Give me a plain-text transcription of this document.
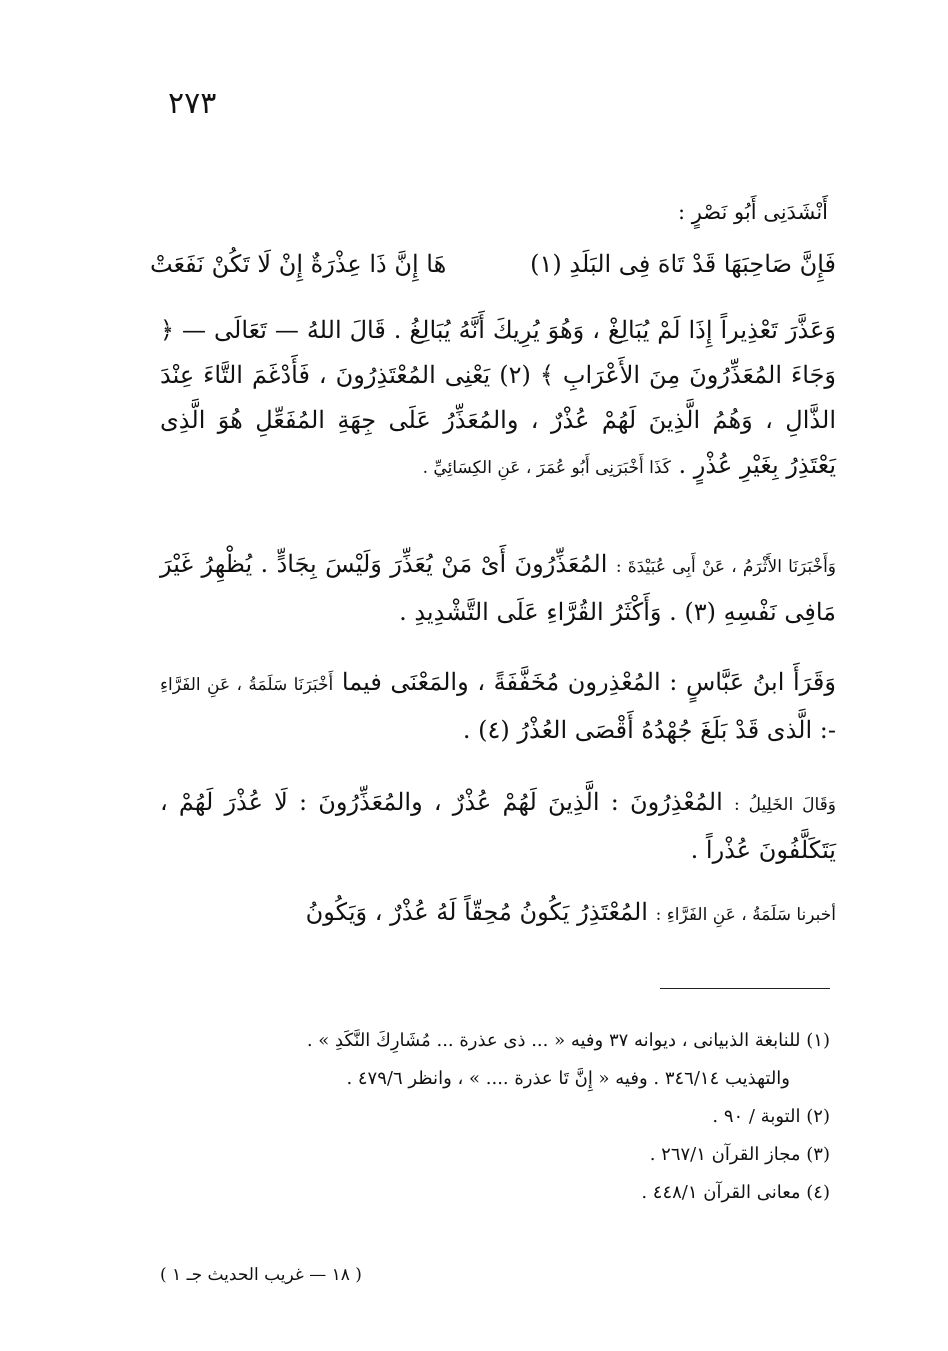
٢٧٣
أَنْشَدَنِى أَبُو نَصْرٍ :
هَا إِنَّ ذَا عِذْرَةٌ إِنْ لَا تَكُنْ نَفَعَتْ	فَإِنَّ صَاحِبَهَا قَدْ تَاهَ فِى البَلَدِ (١)

وَعَذَّرَ تَعْذِيراً إِذَا لَمْ يُبَالِغْ ، وَهُوَ يُرِيكَ أَنَّهُ يُبَالِغُ . قَالَ اللهُ — تَعَالَى — ﴿ وَجَاءَ المُعَذِّرُونَ مِنَ الأَعْرَابِ ﴾ (٢) يَعْنِى المُعْتَذِرُونَ ، فَأَدْغَمَ التَّاءَ عِنْدَ الذَّالِ ، وَهُمُ الَّذِينَ لَهُمْ عُذْرٌ ، والمُعَذِّرُ عَلَى جِهَةِ المُفَعِّلِ هُوَ الَّذِى يَعْتَذِرُ بِغَيْرِ عُذْرٍ . كَذَا أَخْبَرَنِى أَبُو عُمَرَ ، عَنِ الكِسَائِيِّ .

وَأَخْبَرَنَا الأَثْرَمُ ، عَنْ أَبِى عُبَيْدَةَ : المُعَذِّرُونَ أَىْ مَنْ يُعَذِّرَ وَلَيْسَ بِجَادٍّ . يُظْهِرُ غَيْرَ مَافِى نَفْسِهِ (٣) . وَأَكْثَرُ القُرَّاءِ عَلَى التَّشْدِيدِ .

وَقَرَأَ ابنُ عَبَّاسٍ : المُعْذِرون مُخَفَّفَةً ، والمَعْنَى فيما أَخْبَرَنَا سَلَمَةُ ، عَنِ الفَرَّاءِ -: الَّذى قَدْ بَلَغَ جُهْدُهُ أَقْصَى العُذْرُ (٤) .

وَقَالَ الخَلِيلُ : المُعْذِرُونَ : الَّذِينَ لَهُمْ عُذْرٌ ، والمُعَذِّرُونَ : لَا عُذْرَ لَهُمْ ، يَتَكَلَّفُونَ عُذْراً .

أخبرنا سَلَمَةُ ، عَنِ الفَرَّاءِ : المُعْتَذِرُ يَكُونُ مُحِقّاً لَهُ عُذْرٌ ، وَيَكُونُ

(١) للنابغة الذبيانى ، ديوانه ٣٧ وفيه « ... ذى عذرة ... مُشَارِكَ النَّكَدِ » .
والتهذيب ٣٤٦/١٤ . وفيه « إِنَّ تَا عذرة .... » ، وانظر ٤٧٩/٦ .
(٢) التوبة / ٩٠ .
(٣) مجاز القرآن ٢٦٧/١ .
(٤) معانى القرآن ٤٤٨/١ .
( ١٨ — غريب الحديث جـ ١ )
